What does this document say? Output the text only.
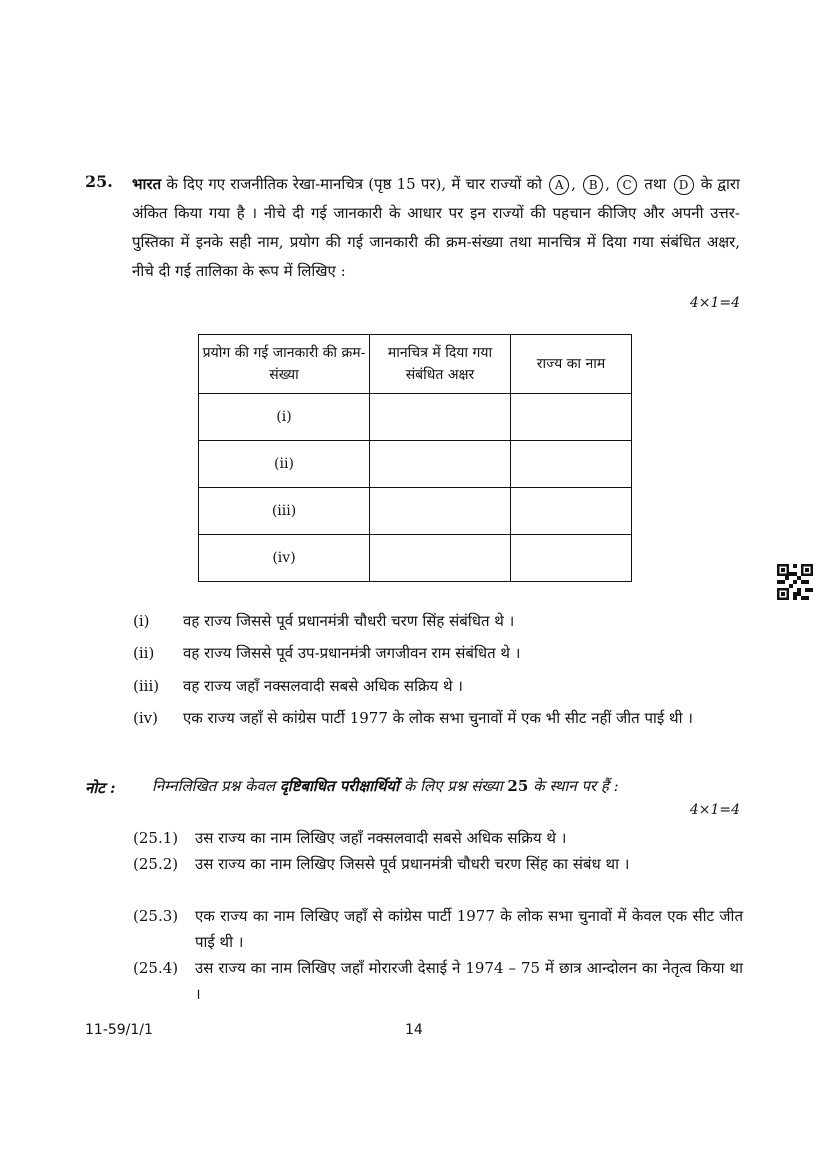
25. भारत के दिए गए राजनीतिक रेखा-मानचित्र (पृष्ठ 15 पर), में चार राज्यों को A , B , C तथा D के द्वारा अंकित किया गया है । नीचे दी गई जानकारी के आधार पर इन राज्यों की पहचान कीजिए और अपनी उत्तर-पुस्तिका में इनके सही नाम, प्रयोग की गई जानकारी की क्रम-संख्या तथा मानचित्र में दिया गया संबंधित अक्षर, नीचे दी गई तालिका के रूप में लिखिए :
4×1=4
प्रयोग की गई जानकारी की क्रम-संख्या	मानचित्र में दिया गया संबंधित अक्षर	राज्य का नाम
(i)		
(ii)		
(iii)		
(iv)		
(i) वह राज्य जिससे पूर्व प्रधानमंत्री चौधरी चरण सिंह संबंधित थे ।
(ii) वह राज्य जिससे पूर्व उप-प्रधानमंत्री जगजीवन राम संबंधित थे ।
(iii) वह राज्य जहाँ नक्सलवादी सबसे अधिक सक्रिय थे ।
(iv) एक राज्य जहाँ से कांग्रेस पार्टी 1977 के लोक सभा चुनावों में एक भी सीट नहीं जीत पाई थी ।
नोट : निम्नलिखित प्रश्न केवल दृष्टिबाधित परीक्षार्थियों के लिए प्रश्न संख्या 25 के स्थान पर हैं :
4×1=4
(25.1) उस राज्य का नाम लिखिए जहाँ नक्सलवादी सबसे अधिक सक्रिय थे ।
(25.2) उस राज्य का नाम लिखिए जिससे पूर्व प्रधानमंत्री चौधरी चरण सिंह का संबंध था ।
(25.3) एक राज्य का नाम लिखिए जहाँ से कांग्रेस पार्टी 1977 के लोक सभा चुनावों में केवल एक सीट जीत पाई थी ।
(25.4) उस राज्य का नाम लिखिए जहाँ मोरारजी देसाई ने 1974 – 75 में छात्र आन्दोलन का नेतृत्व किया था ।
11-59/1/1	14
